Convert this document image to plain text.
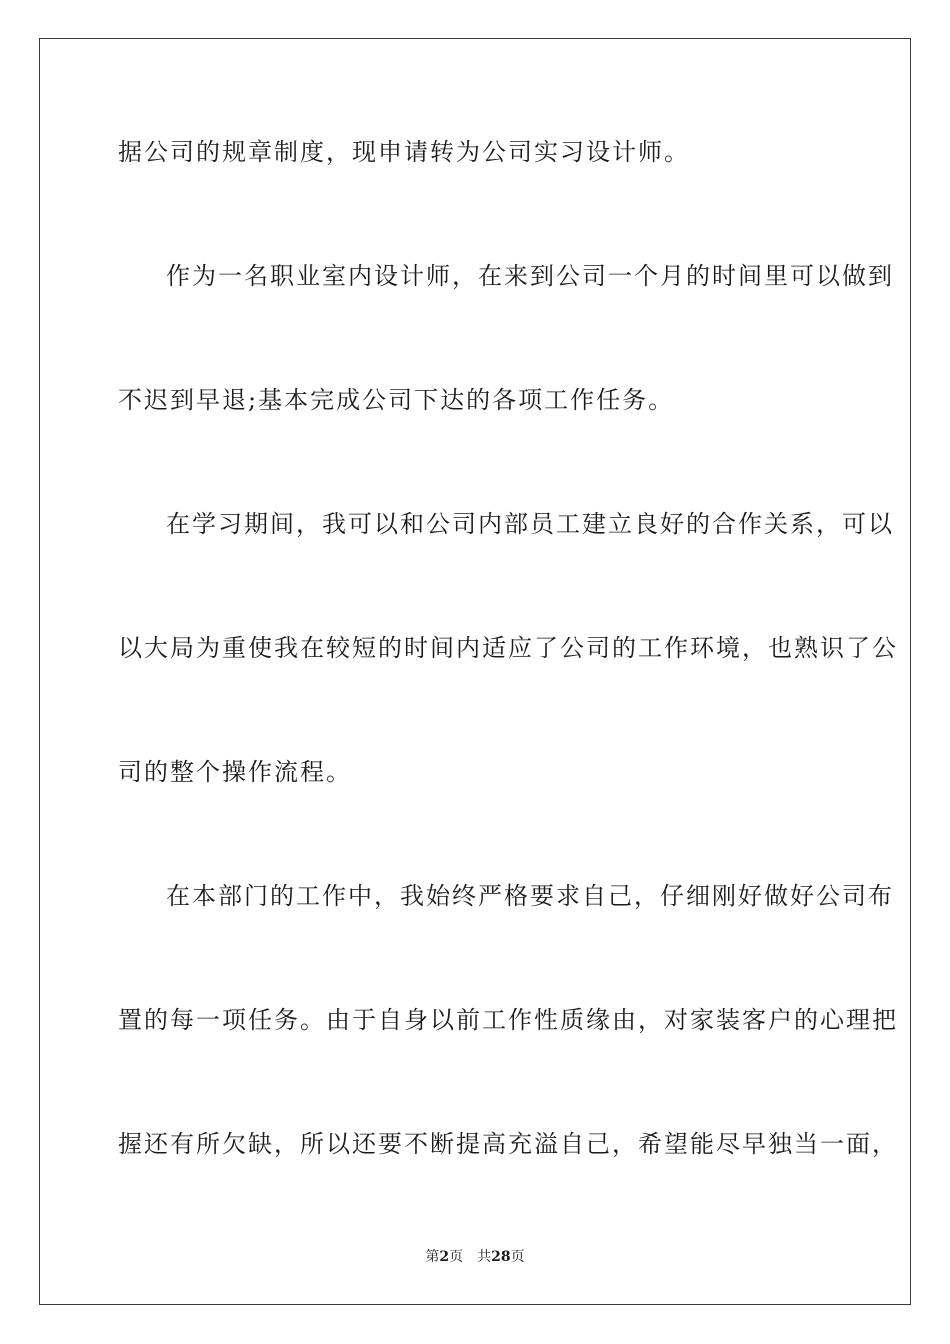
据公司的规章制度，现申请转为公司实习设计师。

作为一名职业室内设计师，在来到公司一个月的时间里可以做到

不迟到早退;基本完成公司下达的各项工作任务。

在学习期间，我可以和公司内部员工建立良好的合作关系，可以

以大局为重使我在较短的时间内适应了公司的工作环境，也熟识了公

司的整个操作流程。

在本部门的工作中，我始终严格要求自己，仔细刚好做好公司布

置的每一项任务。由于自身以前工作性质缘由，对家装客户的心理把

握还有所欠缺，所以还要不断提高充溢自己，希望能尽早独当一面，

第2页 共28页
